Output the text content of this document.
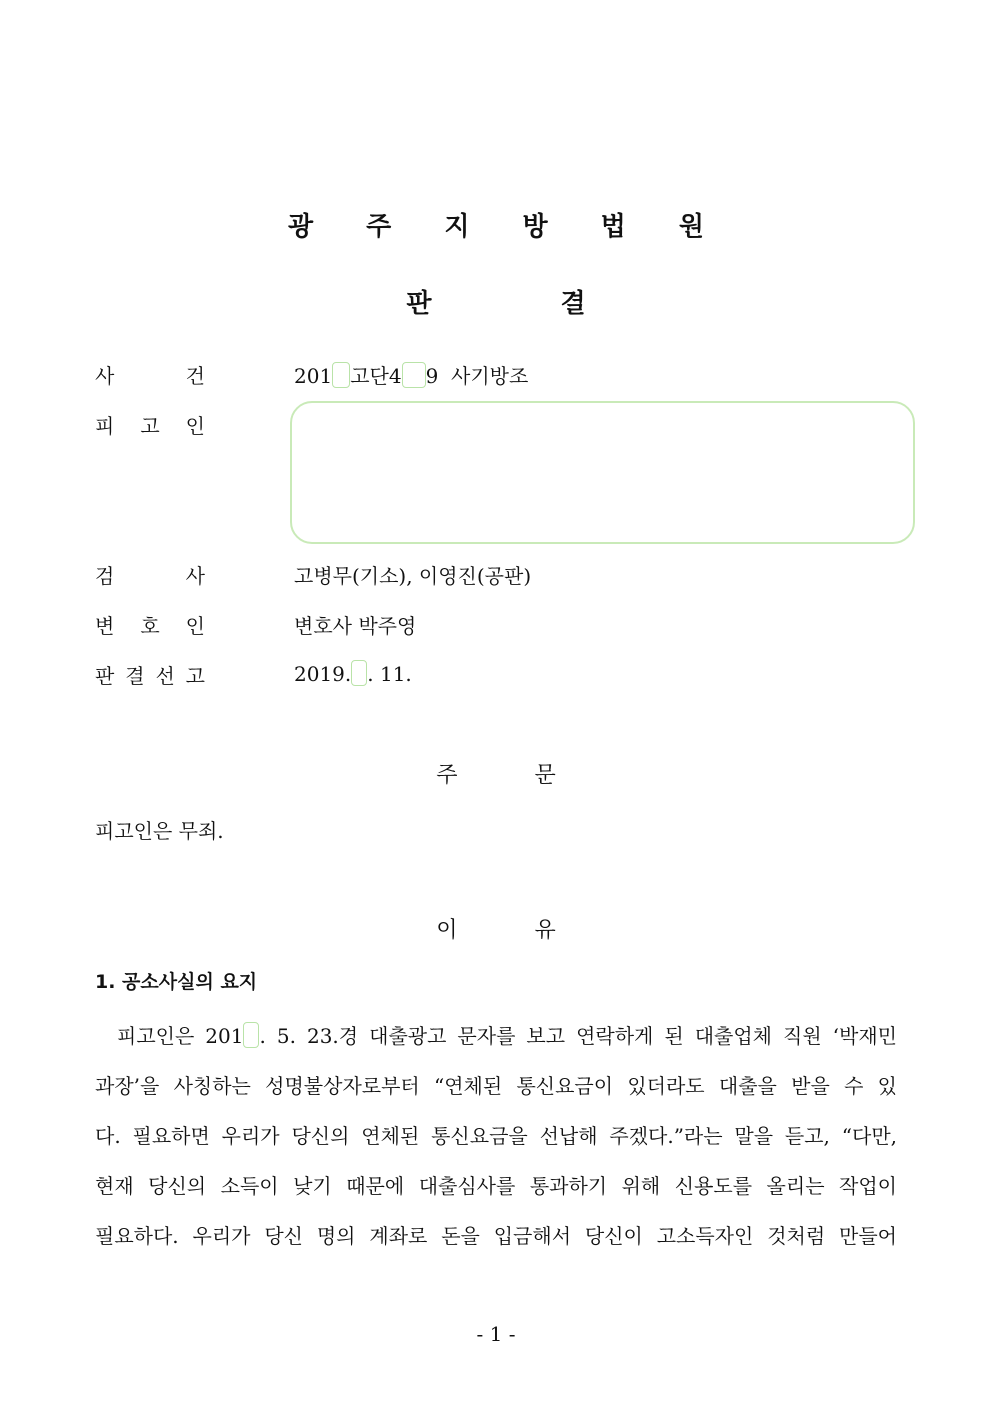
광 주 지 방 법 원
판 결
사	건	201 고단4 9  사기방조
피 고 인
검	사	고병무(기소), 이영진(공판)
변 호 인	변호사 박주영
판 결 선 고	2019. . 11.
주 문
피고인은 무죄.
이 유
1. 공소사실의 요지
피고인은 201 . 5. 23.경 대출광고 문자를 보고 연락하게 된 대출업체 직원 ‘박재민
과장’을 사칭하는 성명불상자로부터 “연체된 통신요금이 있더라도 대출을 받을 수 있
다. 필요하면 우리가 당신의 연체된 통신요금을 선납해 주겠다.”라는 말을 듣고, “다만,
현재 당신의 소득이 낮기 때문에 대출심사를 통과하기 위해 신용도를 올리는 작업이
필요하다. 우리가 당신 명의 계좌로 돈을 입금해서 당신이 고소득자인 것처럼 만들어
- 1 -
